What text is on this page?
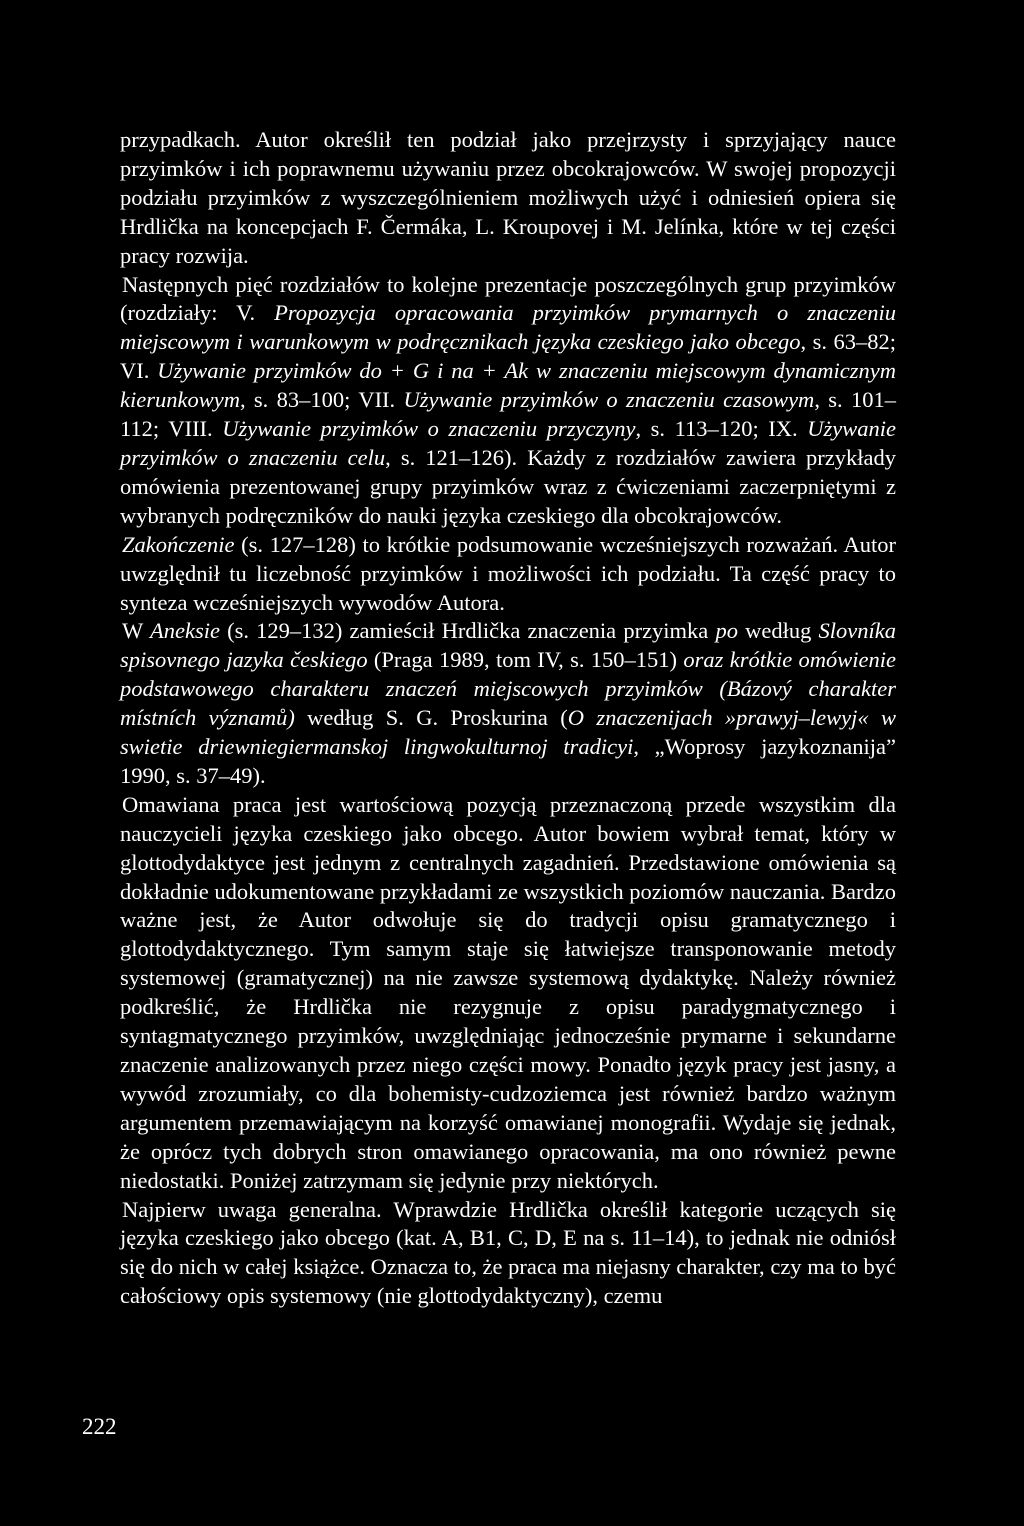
przypadkach. Autor określił ten podział jako przejrzysty i sprzyjający nauce przyimków i ich poprawnemu używaniu przez obcokrajowców. W swojej propozycji podziału przyimków z wyszczególnieniem możliwych użyć i odniesień opiera się Hrdlička na koncepcjach F. Čermáka, L. Kroupovej i M. Jelínka, które w tej części pracy rozwija.

Następnych pięć rozdziałów to kolejne prezentacje poszczególnych grup przyimków (rozdziały: V. Propozycja opracowania przyimków prymarnych o znaczeniu miejscowym i warunkowym w podręcznikach języka czeskiego jako obcego, s. 63–82; VI. Używanie przyimków do + G i na + Ak w znaczeniu miejscowym dynamicznym kierunkowym, s. 83–100; VII. Używanie przyimków o znaczeniu czasowym, s. 101–112; VIII. Używanie przyimków o znaczeniu przyczyny, s. 113–120; IX. Używanie przyimków o znaczeniu celu, s. 121–126). Każdy z rozdziałów zawiera przykłady omówienia prezentowanej grupy przyimków wraz z ćwiczeniami zaczerpniętymi z wybranych podręczników do nauki języka czeskiego dla obcokrajowców.

Zakończenie (s. 127–128) to krótkie podsumowanie wcześniejszych rozważań. Autor uwzględnił tu liczebność przyimków i możliwości ich podziału. Ta część pracy to synteza wcześniejszych wywodów Autora.

W Aneksie (s. 129–132) zamieścił Hrdlička znaczenia przyimka po według Slovníka spisovnego jazyka českiego (Praga 1989, tom IV, s. 150–151) oraz krótkie omówienie podstawowego charakteru znaczeń miejscowych przyimków (Bázový charakter místních významů) według S. G. Proskurina (O znaczenijach »prawyj–lewyj« w swietie driewniegiermanskoj lingwokulturnoj tradicyi, „Woprosy jazykoznanija” 1990, s. 37–49).

Omawiana praca jest wartościową pozycją przeznaczoną przede wszystkim dla nauczycieli języka czeskiego jako obcego. Autor bowiem wybrał temat, który w glottodydaktyce jest jednym z centralnych zagadnień. Przedstawione omówienia są dokładnie udokumentowane przykładami ze wszystkich poziomów nauczania. Bardzo ważne jest, że Autor odwołuje się do tradycji opisu gramatycznego i glottodydaktycznego. Tym samym staje się łatwiejsze transponowanie metody systemowej (gramatycznej) na nie zawsze systemową dydaktykę. Należy również podkreślić, że Hrdlička nie rezygnuje z opisu paradygmatycznego i syntagmatycznego przyimków, uwzględniając jednocześnie prymarne i sekundarne znaczenie analizowanych przez niego części mowy. Ponadto język pracy jest jasny, a wywód zrozumiały, co dla bohemisty-cudzoziemca jest również bardzo ważnym argumentem przemawiającym na korzyść omawianej monografii. Wydaje się jednak, że oprócz tych dobrych stron omawianego opracowania, ma ono również pewne niedostatki. Poniżej zatrzymam się jedynie przy niektórych.

Najpierw uwaga generalna. Wprawdzie Hrdlička określił kategorie uczących się języka czeskiego jako obcego (kat. A, B1, C, D, E na s. 11–14), to jednak nie odniósł się do nich w całej książce. Oznacza to, że praca ma niejasny charakter, czy ma to być całościowy opis systemowy (nie glottodydaktyczny), czemu

222
